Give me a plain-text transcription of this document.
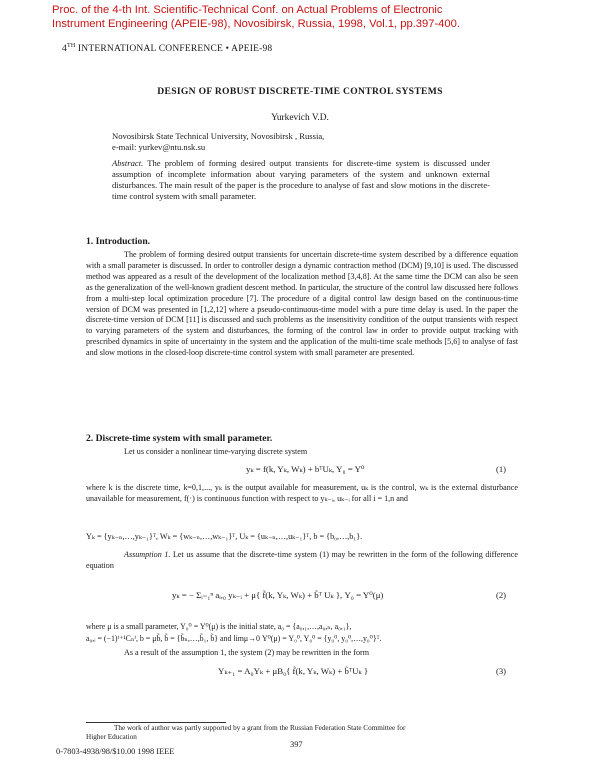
Proc. of the 4-th Int. Scientific-Technical Conf. on Actual Problems of Electronic
Instrument Engineering (APEIE-98), Novosibirsk, Russia, 1998, Vol.1, pp.397-400.
4TH INTERNATIONAL CONFERENCE • APEIE-98
DESIGN OF ROBUST DISCRETE-TIME CONTROL SYSTEMS
Yurkevich V.D.
Novosibirsk State Technical University, Novosibirsk , Russia,
e-mail: yurkev@ntu.nsk.su
Abstract. The problem of forming desired output transients for discrete-time system is discussed under assumption of incomplete information about varying parameters of the system and unknown external disturbances. The main result of the paper is the procedure to analyse of fast and slow motions in the discrete-time control system with small parameter.
1. Introduction.
The problem of forming desired output transients for uncertain discrete-time system described by a difference equation with a small parameter is discussed. In order to controller design a dynamic contraction method (DCM) [9,10] is used. The discussed method was appeared as a result of the development of the localization method [3,4,8]. At the same time the DCM can also be seen as the generalization of the well-known gradient descent method. In particular, the structure of the control law discussed here follows from a multi-step local optimization procedure [7]. The procedure of a digital control law design based on the continuous-time version of DCM was presented in [1,2,12] where a pseudo-continuous-time model with a pure time delay is used. In the paper the discrete-time version of DCM [11] is discussed and such problems as the insensitivity condition of the output transients with respect to varying parameters of the system and disturbances, the forming of the control law in order to provide output tracking with prescribed dynamics in spite of uncertainty in the system and the application of the multi-time scale methods [5,6] to analyse of fast and slow motions in the closed-loop discrete-time control system with small parameter are presented.
2. Discrete-time system with small parameter.
Let us consider a nonlinear time-varying discrete system
yₖ = f(k, Yₖ, Wₖ) + bᵀUₖ, Y₀ = Y⁰	(1)
where k is the discrete time, k=0,1,..., yₖ is the output available for measurement, uₖ is the control, wₖ is the external disturbance unavailable for measurement, f(·) is continuous function with respect to yₖ₋ᵢ, uₖ₋ᵢ for all i = 1,n and
Yₖ = {yₖ₋ₙ,…,yₖ₋₁}ᵀ, Wₖ = {wₖ₋ₙ,…,wₖ₋₁}ᵀ, Uₖ = {uₖ₋ₙ,…,uₖ₋₁}ᵀ, b = {b₀,…,b₁}.
Assumption 1. Let us assume that the discrete-time system (1) may be rewritten in the form of the following difference equation
yₖ = − Σᵢ₌₁ⁿ aᵢ,₀ yₖ₋ᵢ + μ{ f̃(k, Yₖ, Wₖ) + b̃ᵀ Uₖ }, Y₀ = Y⁰(μ)	(2)
where μ is a small parameter, Y₀⁰ = Y⁰(μ) is the initial state, a₀ = {a₀,₁,…,a₀,ₙ, a₀,₁},
a₀,ᵢ = (−1)ⁱ⁺¹Cₙⁱ, b = μb̃, b̃ = {b̃ₙ,…,b̃₁, b̃} and limμ→0 Y⁰(μ) = Y₀⁰, Y₀⁰ = {y₀⁰, y₀⁰,…,y₀⁰}ᵀ.
As a result of the assumption 1, the system (2) may be rewritten in the form
Yₖ₊₁ = A₀Yₖ + μB₀{ f̃(k, Yₖ, Wₖ) + b̃ᵀUₖ }	(3)
The work of author was partly supported by a grant from the Russian Federation State Committee for
Higher Education
397
0-7803-4938/98/$10.00 1998 IEEE
